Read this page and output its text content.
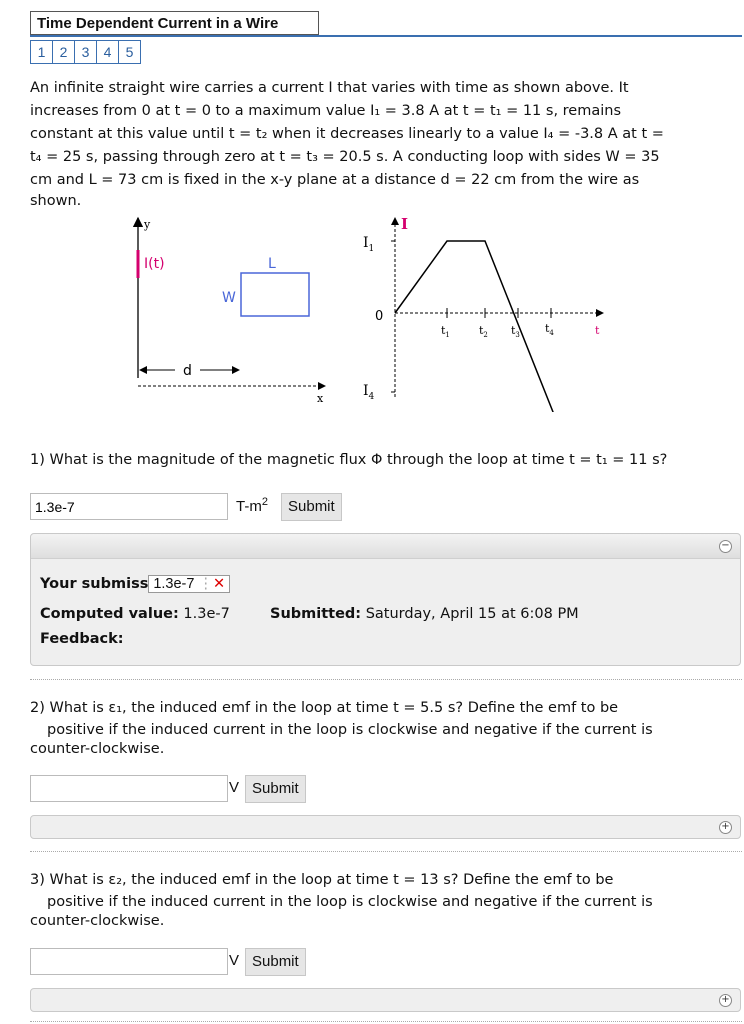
Time Dependent Current in a Wire
1	2	3	4	5
An infinite straight wire carries a current I that varies with time as shown above. It
increases from 0 at t = 0 to a maximum value I₁ = 3.8 A at t = t₁ = 11 s, remains
constant at this value until t = t₂ when it decreases linearly to a value I₄ = -3.8 A at t =
t₄ = 25 s, passing through zero at t = t₃ = 20.5 s. A conducting loop with sides W = 35
cm and L = 73 cm is fixed in the x-y plane at a distance d = 22 cm from the wire as
shown.
y
I(t)	L
W
d
x
I
$I_1$
0
$I_4$
t
$t_1$	$t_2$ $t_3$ $t_4$
1) What is the magnitude of the magnetic flux Φ through the loop at time t = t₁ = 11 s?
1.3e-7
$T-m^2$	Submit
−
Your submiss 1.3e-7 ⋮✕
Computed value: 1.3e-7	Submitted: Saturday, April 15 at 6:08 PM
Feedback:
2) What is ε₁, the induced emf in the loop at time t = 5.5 s? Define the emf to be
positive if the induced current in the loop is clockwise and negative if the current is
counter-clockwise.
V Submit
+
3) What is ε₂, the induced emf in the loop at time t = 13 s? Define the emf to be
positive if the induced current in the loop is clockwise and negative if the current is
counter-clockwise.
V Submit
+
